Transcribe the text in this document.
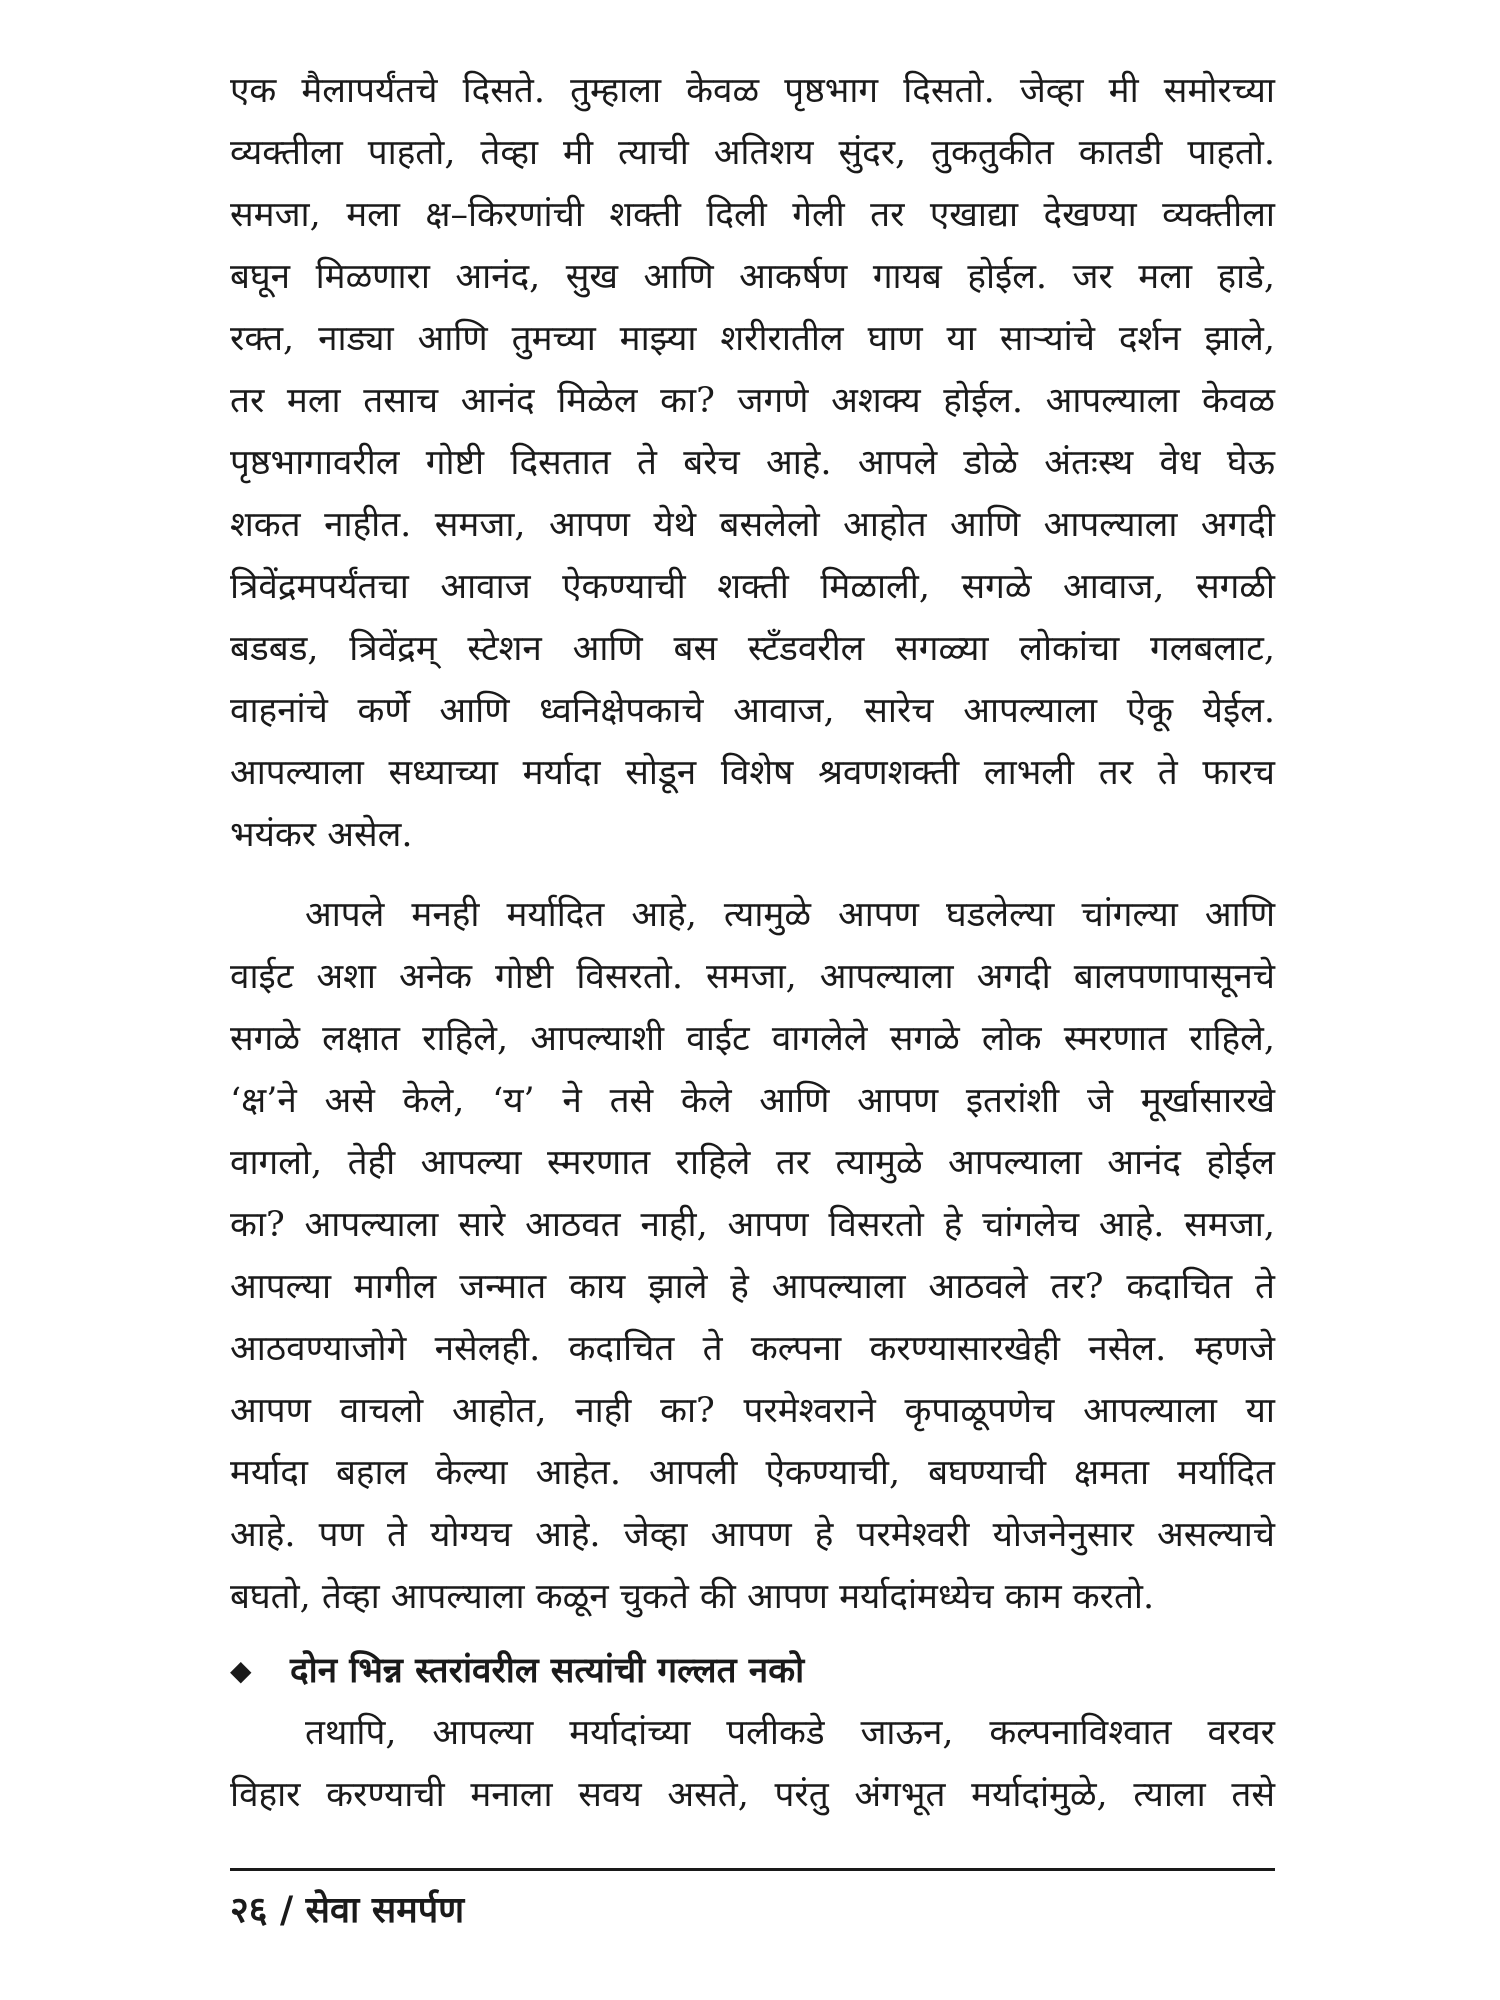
एक मैलापर्यंतचे दिसते. तुम्हाला केवळ पृष्ठभाग दिसतो. जेव्हा मी समोरच्या
व्यक्तीला पाहतो, तेव्हा मी त्याची अतिशय सुंदर, तुकतुकीत कातडी पाहतो.
समजा, मला क्ष–किरणांची शक्ती दिली गेली तर एखाद्या देखण्या व्यक्तीला
बघून मिळणारा आनंद, सुख आणि आकर्षण गायब होईल. जर मला हाडे,
रक्त, नाड्या आणि तुमच्या माझ्या शरीरातील घाण या साऱ्यांचे दर्शन झाले,
तर मला तसाच आनंद मिळेल का? जगणे अशक्य होईल. आपल्याला केवळ
पृष्ठभागावरील गोष्टी दिसतात ते बरेच आहे. आपले डोळे अंतःस्थ वेध घेऊ
शकत नाहीत. समजा, आपण येथे बसलेलो आहोत आणि आपल्याला अगदी
त्रिवेंद्रमपर्यंतचा आवाज ऐकण्याची शक्ती मिळाली, सगळे आवाज, सगळी
बडबड, त्रिवेंद्रम् स्टेशन आणि बस स्टँडवरील सगळ्या लोकांचा गलबलाट,
वाहनांचे कर्णे आणि ध्वनिक्षेपकाचे आवाज, सारेच आपल्याला ऐकू येईल.
आपल्याला सध्याच्या मर्यादा सोडून विशेष श्रवणशक्ती लाभली तर ते फारच
भयंकर असेल.
आपले मनही मर्यादित आहे, त्यामुळे आपण घडलेल्या चांगल्या आणि
वाईट अशा अनेक गोष्टी विसरतो. समजा, आपल्याला अगदी बालपणापासूनचे
सगळे लक्षात राहिले, आपल्याशी वाईट वागलेले सगळे लोक स्मरणात राहिले,
‘क्ष’ने असे केले, ‘य’ ने तसे केले आणि आपण इतरांशी जे मूर्खासारखे
वागलो, तेही आपल्या स्मरणात राहिले तर त्यामुळे आपल्याला आनंद होईल
का? आपल्याला सारे आठवत नाही, आपण विसरतो हे चांगलेच आहे. समजा,
आपल्या मागील जन्मात काय झाले हे आपल्याला आठवले तर? कदाचित ते
आठवण्याजोगे नसेलही. कदाचित ते कल्पना करण्यासारखेही नसेल. म्हणजे
आपण वाचलो आहोत, नाही का? परमेश्वराने कृपाळूपणेच आपल्याला या
मर्यादा बहाल केल्या आहेत. आपली ऐकण्याची, बघण्याची क्षमता मर्यादित
आहे. पण ते योग्यच आहे. जेव्हा आपण हे परमेश्वरी योजनेनुसार असल्याचे
बघतो, तेव्हा आपल्याला कळून चुकते की आपण मर्यादांमध्येच काम करतो.
◆	दोन भिन्न स्तरांवरील सत्यांची गल्लत नको
तथापि, आपल्या मर्यादांच्या पलीकडे जाऊन, कल्पनाविश्वात वरवर
विहार करण्याची मनाला सवय असते, परंतु अंगभूत मर्यादांमुळे, त्याला तसे
२६ / सेवा समर्पण
